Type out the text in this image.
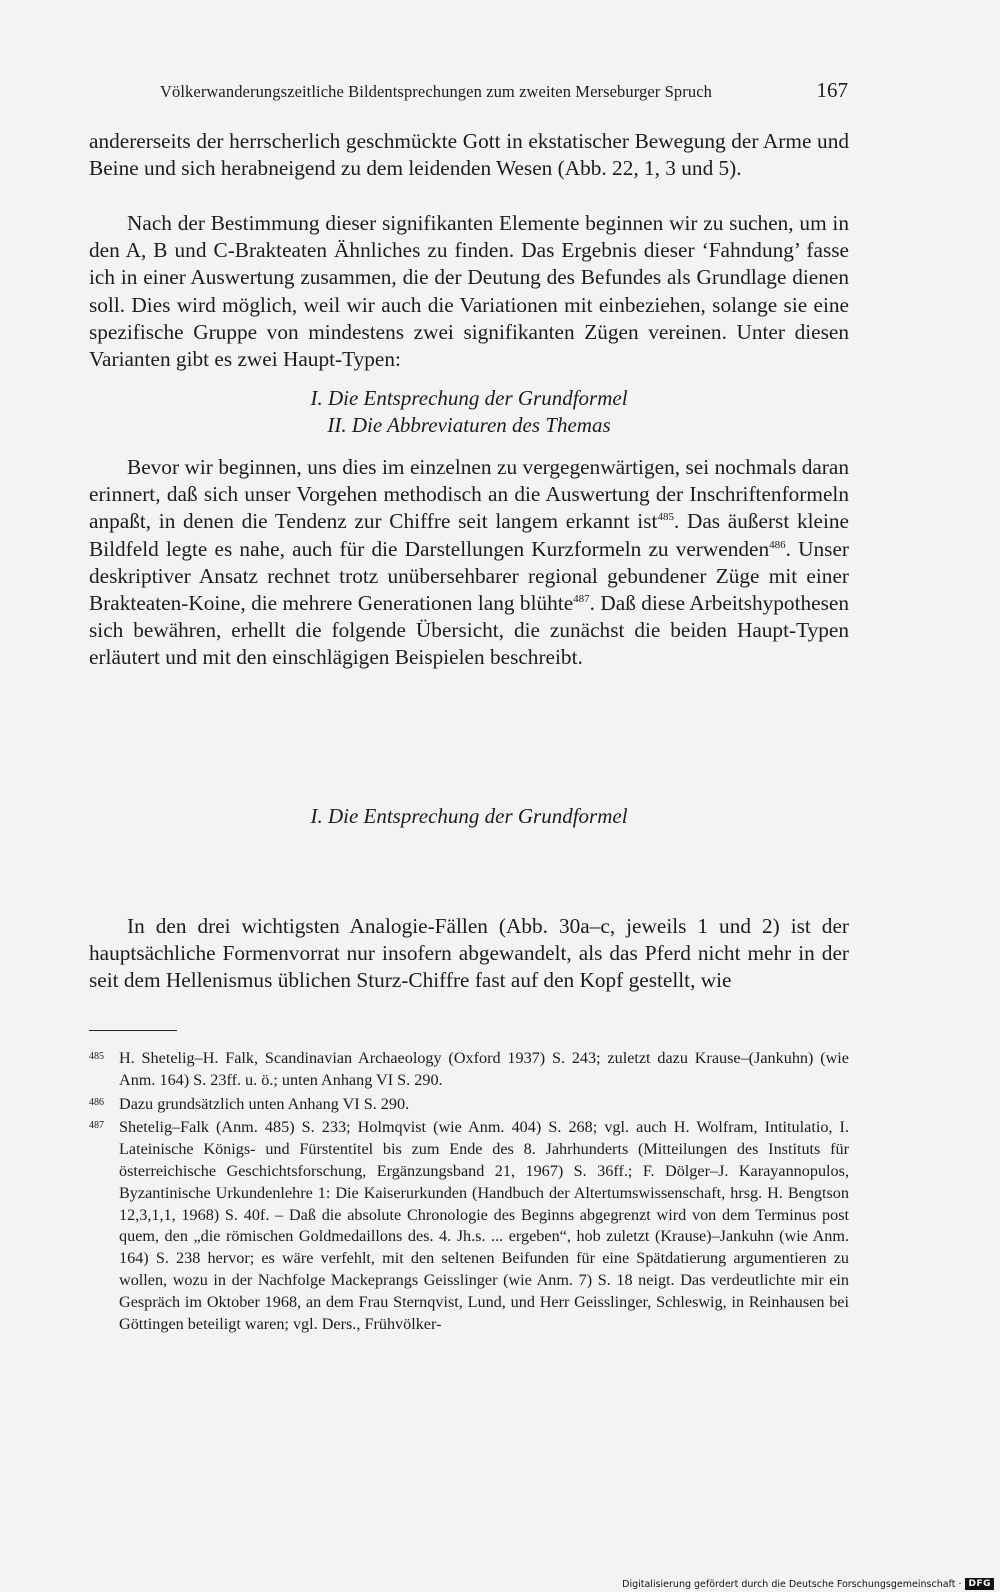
Völkerwanderungszeitliche Bildentsprechungen zum zweiten Merseburger Spruch	167

andererseits der herrscherlich geschmückte Gott in ekstatischer Bewegung der Arme und Beine und sich herabneigend zu dem leidenden Wesen (Abb. 22, 1, 3 und 5).

Nach der Bestimmung dieser signifikanten Elemente beginnen wir zu suchen, um in den A, B und C-Brakteaten Ähnliches zu finden. Das Ergebnis dieser ‘Fahndung’ fasse ich in einer Auswertung zusammen, die der Deutung des Befundes als Grundlage dienen soll. Dies wird möglich, weil wir auch die Variationen mit einbeziehen, solange sie eine spezifische Gruppe von mindestens zwei signifikanten Zügen vereinen. Unter diesen Varianten gibt es zwei Haupt-Typen:

I. Die Entsprechung der Grundformel
II. Die Abbreviaturen des Themas

Bevor wir beginnen, uns dies im einzelnen zu vergegenwärtigen, sei nochmals daran erinnert, daß sich unser Vorgehen methodisch an die Auswertung der Inschriftenformeln anpaßt, in denen die Tendenz zur Chiffre seit langem erkannt ist$^{485}$. Das äußerst kleine Bildfeld legte es nahe, auch für die Darstellungen Kurzformeln zu verwenden$^{486}$. Unser deskriptiver Ansatz rechnet trotz unübersehbarer regional gebundener Züge mit einer Brakteaten-Koine, die mehrere Generationen lang blühte$^{487}$. Daß diese Arbeitshypothesen sich bewähren, erhellt die folgende Übersicht, die zunächst die beiden Haupt-Typen erläutert und mit den einschlägigen Beispielen beschreibt.

I. Die Entsprechung der Grundformel

In den drei wichtigsten Analogie-Fällen (Abb. 30a–c, jeweils 1 und 2) ist der hauptsächliche Formenvorrat nur insofern abgewandelt, als das Pferd nicht mehr in der seit dem Hellenismus üblichen Sturz-Chiffre fast auf den Kopf gestellt, wie

485 H. Shetelig–H. Falk, Scandinavian Archaeology (Oxford 1937) S. 243; zuletzt dazu Krause–(Jankuhn) (wie Anm. 164) S. 23ff. u. ö.; unten Anhang VI S. 290.

486 Dazu grundsätzlich unten Anhang VI S. 290.

487 Shetelig–Falk (Anm. 485) S. 233; Holmqvist (wie Anm. 404) S. 268; vgl. auch H. Wolfram, Intitulatio, I. Lateinische Königs- und Fürstentitel bis zum Ende des 8. Jahrhunderts (Mitteilungen des Instituts für österreichische Geschichtsforschung, Ergänzungsband 21, 1967) S. 36ff.; F. Dölger–J. Karayannopulos, Byzantinische Urkundenlehre 1: Die Kaiserurkunden (Handbuch der Altertumswissenschaft, hrsg. H. Bengtson 12,3,1,1, 1968) S. 40f. – Daß die absolute Chronologie des Beginns abgegrenzt wird von dem Terminus post quem, den „die römischen Goldmedaillons des. 4. Jh.s. ... ergeben“, hob zuletzt (Krause)–Jankuhn (wie Anm. 164) S. 238 hervor; es wäre verfehlt, mit den seltenen Beifunden für eine Spätdatierung argumentieren zu wollen, wozu in der Nachfolge Mackeprangs Geisslinger (wie Anm. 7) S. 18 neigt. Das verdeutlichte mir ein Gespräch im Oktober 1968, an dem Frau Sternqvist, Lund, und Herr Geisslinger, Schleswig, in Reinhausen bei Göttingen beteiligt waren; vgl. Ders., Frühvölker-

Digitalisierung gefördert durch die Deutsche Forschungsgemeinschaft · DFG
